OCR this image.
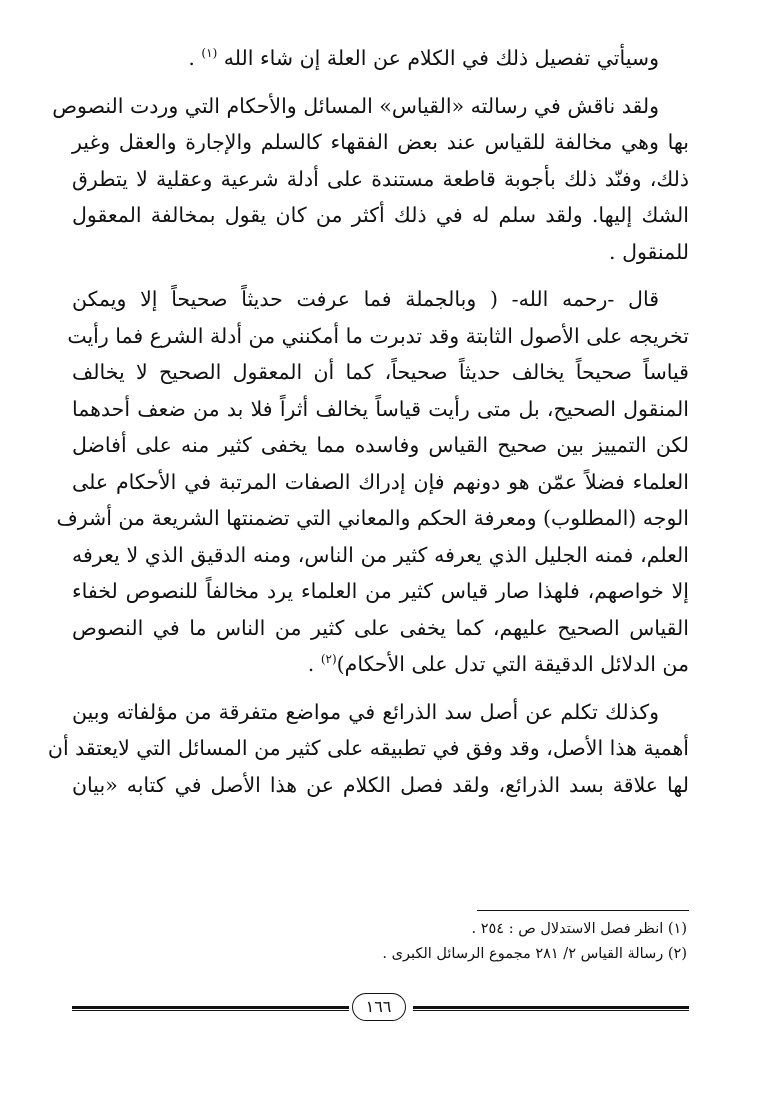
وسيأتي تفصيل ذلك في الكلام عن العلة إن شاء الله $^{(١)}$ .

ولقد ناقش في رسالته «القياس» المسائل والأحكام التي وردت النصوص
بها وهي مخالفة للقياس عند بعض الفقهاء كالسلم والإجارة والعقل وغير
ذلك، وفنّد ذلك بأجوبة قاطعة مستندة على أدلة شرعية وعقلية لا يتطرق
الشك إليها. ولقد سلم له في ذلك أكثر من كان يقول بمخالفة المعقول
للمنقول .

قال -رحمه الله- ( وبالجملة فما عرفت حديثاً صحيحاً إلا ويمكن
تخريجه على الأصول الثابتة وقد تدبرت ما أمكنني من أدلة الشرع فما رأيت
قياساً صحيحاً يخالف حديثاً صحيحاً، كما أن المعقول الصحيح لا يخالف
المنقول الصحيح، بل متى رأيت قياساً يخالف أثراً فلا بد من ضعف أحدهما
لكن التمييز بين صحيح القياس وفاسده مما يخفى كثير منه على أفاضل
العلماء فضلاً عمّن هو دونهم فإن إدراك الصفات المرتبة في الأحكام على
الوجه (المطلوب) ومعرفة الحكم والمعاني التي تضمنتها الشريعة من أشرف
العلم، فمنه الجليل الذي يعرفه كثير من الناس، ومنه الدقيق الذي لا يعرفه
إلا خواصهم، فلهذا صار قياس كثير من العلماء يرد مخالفاً للنصوص لخفاء
القياس الصحيح عليهم، كما يخفى على كثير من الناس ما في النصوص
من الدلائل الدقيقة التي تدل على الأحكام)$^{(٢)}$ .

وكذلك تكلم عن أصل سد الذرائع في مواضع متفرقة من مؤلفاته وبين
أهمية هذا الأصل، وقد وفق في تطبيقه على كثير من المسائل التي لايعتقد أن
لها علاقة بسد الذرائع، ولقد فصل الكلام عن هذا الأصل في كتابه «بيان

(١) انظر فصل الاستدلال ص : ٢٥٤ .
(٢) رسالة القياس ٢/ ٢٨١ مجموع الرسائل الكبرى .
١٦٦
